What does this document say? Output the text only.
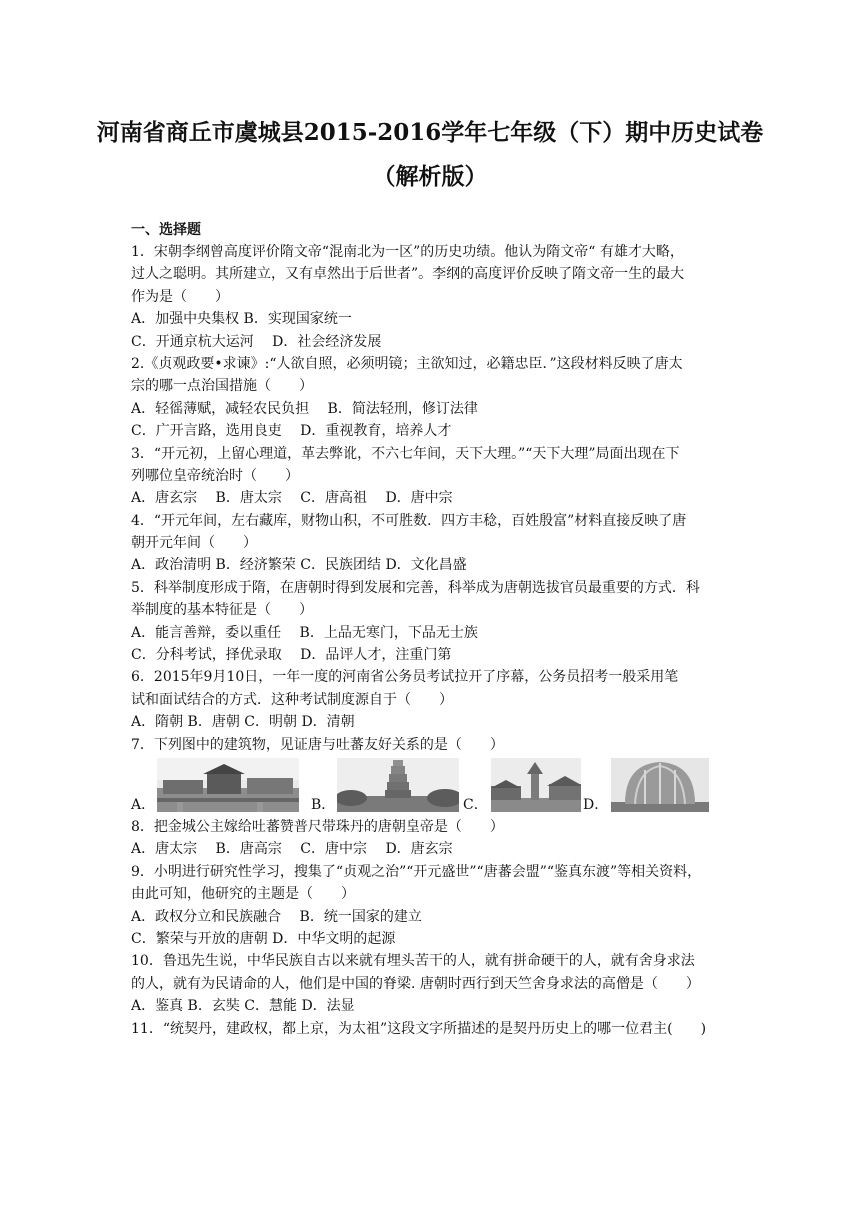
河南省商丘市虞城县2015-2016学年七年级（下）期中历史试卷
（解析版）
一、选择题
1．宋朝李纲曾高度评价隋文帝“混南北为一区”的历史功绩。他认为隋文帝“ 有雄才大略，
过人之聪明。其所建立，又有卓然出于后世者”。李纲的高度评价反映了隋文帝一生的最大
作为是（　　）
A．加强中央集权 B．实现国家统一
C．开通京杭大运河　 D．社会经济发展
2.《贞观政要•求谏》:“人欲自照，必须明镜；主欲知过，必籍忠臣．”这段材料反映了唐太
宗的哪一点治国措施（　　）
A．轻徭薄赋，减轻农民负担　 B．简法轻刑，修订法律
C．广开言路，选用良吏　 D．重视教育，培养人才
3．“开元初，上留心理道，革去弊讹，不六七年间，天下大理。”“天下大理”局面出现在下
列哪位皇帝统治时（　　）
A．唐玄宗　 B．唐太宗　 C．唐高祖　 D．唐中宗
4．“开元年间，左右藏库，财物山积，不可胜数．四方丰稔，百姓殷富”材料直接反映了唐
朝开元年间（　　）
A．政治清明 B．经济繁荣 C．民族团结 D．文化昌盛
5．科举制度形成于隋，在唐朝时得到发展和完善，科举成为唐朝选拔官员最重要的方式．科
举制度的基本特征是（　　）
A．能言善辩，委以重任　 B．上品无寒门，下品无士族
C．分科考试，择优录取　 D．品评人才，注重门第
6．2015年9月10日，一年一度的河南省公务员考试拉开了序幕，公务员招考一般采用笔
试和面试结合的方式．这种考试制度源自于（　　）
A．隋朝 B．唐朝 C．明朝 D．清朝
7．下列图中的建筑物，见证唐与吐蕃友好关系的是（　　）
A．	B．	C．	D．
8．把金城公主嫁给吐蕃赞普尺带珠丹的唐朝皇帝是（　　）
A．唐太宗　 B．唐高宗　 C．唐中宗　 D．唐玄宗
9．小明进行研究性学习，搜集了“贞观之治”“开元盛世”“唐蕃会盟”“鉴真东渡”等相关资料，
由此可知，他研究的主题是（　　）
A．政权分立和民族融合　 B．统一国家的建立
C．繁荣与开放的唐朝 D．中华文明的起源
10．鲁迅先生说，中华民族自古以来就有埋头苦干的人，就有拼命硬干的人，就有舍身求法
的人，就有为民请命的人，他们是中国的脊梁. 唐朝时西行到天竺舍身求法的高僧是（　　）
A．鉴真 B．玄奘 C．慧能 D．法显
11．“统契丹，建政权，都上京，为太祖”这段文字所描述的是契丹历史上的哪一位君主(　　)
